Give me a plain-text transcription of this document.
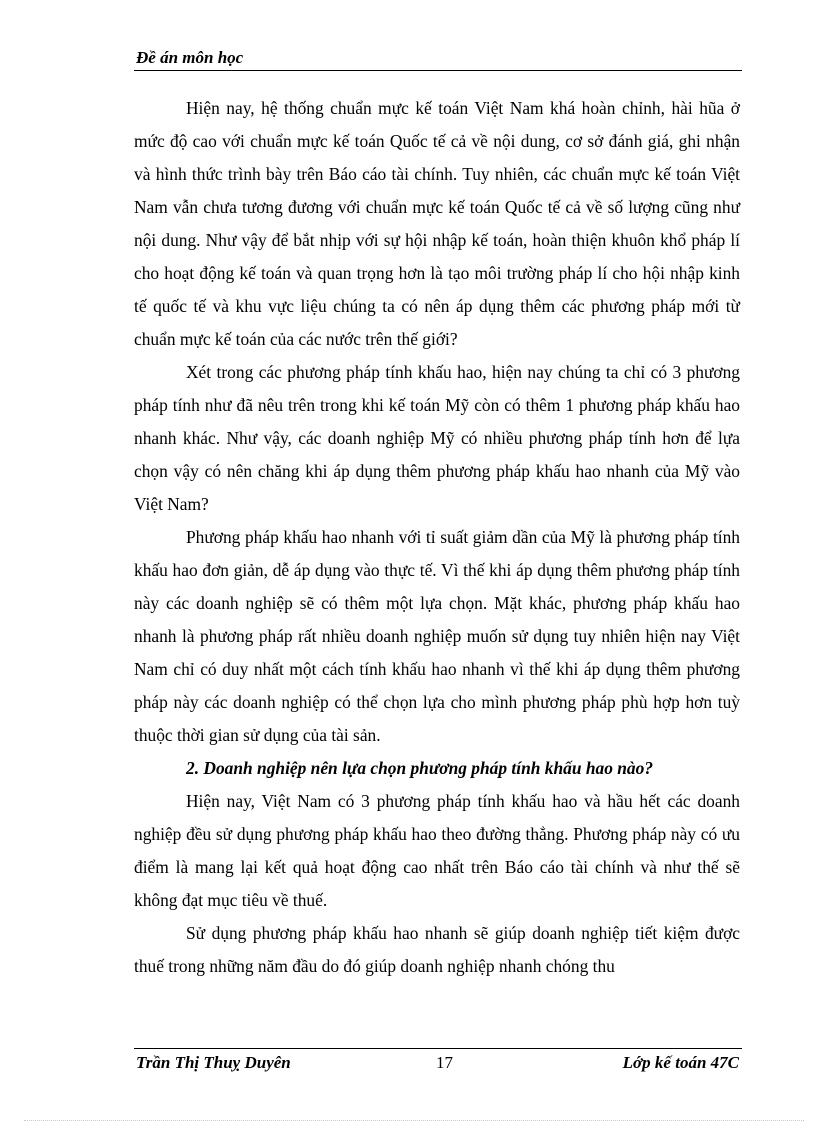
Đề án môn học

Hiện nay, hệ thống chuẩn mực kế toán Việt Nam khá hoàn chỉnh, hài hũa ở mức độ cao với chuẩn mực kế toán Quốc tế cả về nội dung, cơ sở đánh giá, ghi nhận và hình thức trình bày trên Báo cáo tài chính. Tuy nhiên, các chuẩn mực kế toán Việt Nam vẫn chưa tương đương với chuẩn mực kế toán Quốc tế cả về số lượng cũng như nội dung. Như vậy để bắt nhịp với sự hội nhập kế toán, hoàn thiện khuôn khổ pháp lí cho hoạt động kế toán và quan trọng hơn là tạo môi trường pháp lí cho hội nhập kinh tế quốc tế và khu vực liệu chúng ta có nên áp dụng thêm các phương pháp mới từ chuẩn mực kế toán của các nước trên thế giới?

Xét trong các phương pháp tính khấu hao, hiện nay chúng ta chỉ có 3 phương pháp tính như đã nêu trên trong khi kế toán Mỹ còn có thêm 1 phương pháp khấu hao nhanh khác. Như vậy, các doanh nghiệp Mỹ có nhiều phương pháp tính hơn để lựa chọn vậy có nên chăng khi áp dụng thêm phương pháp khấu hao nhanh của Mỹ vào Việt Nam?

Phương pháp khấu hao nhanh với tỉ suất giảm dần của Mỹ là phương pháp tính khấu hao đơn giản, dễ áp dụng vào thực tế. Vì thế khi áp dụng thêm phương pháp tính này các doanh nghiệp sẽ có thêm một lựa chọn. Mặt khác, phương pháp khấu hao nhanh là phương pháp rất nhiều doanh nghiệp muốn sử dụng tuy nhiên hiện nay Việt Nam chỉ có duy nhất một cách tính khấu hao nhanh vì thế khi áp dụng thêm phương pháp này các doanh nghiệp có thể chọn lựa cho mình phương pháp phù hợp hơn tuỳ thuộc thời gian sử dụng của tài sản.

2. Doanh nghiệp nên lựa chọn phương pháp tính khấu hao nào?

Hiện nay, Việt Nam có 3 phương pháp tính khấu hao và hầu hết các doanh nghiệp đều sử dụng phương pháp khấu hao theo đường thẳng. Phương pháp này có ưu điểm là mang lại kết quả hoạt động cao nhất trên Báo cáo tài chính và như thế sẽ không đạt mục tiêu về thuế.

Sử dụng phương pháp khấu hao nhanh sẽ giúp doanh nghiệp tiết kiệm được thuế trong những năm đầu do đó giúp doanh nghiệp nhanh chóng thu

Trần Thị Thuỵ Duyên	17	Lớp kế toán 47C
